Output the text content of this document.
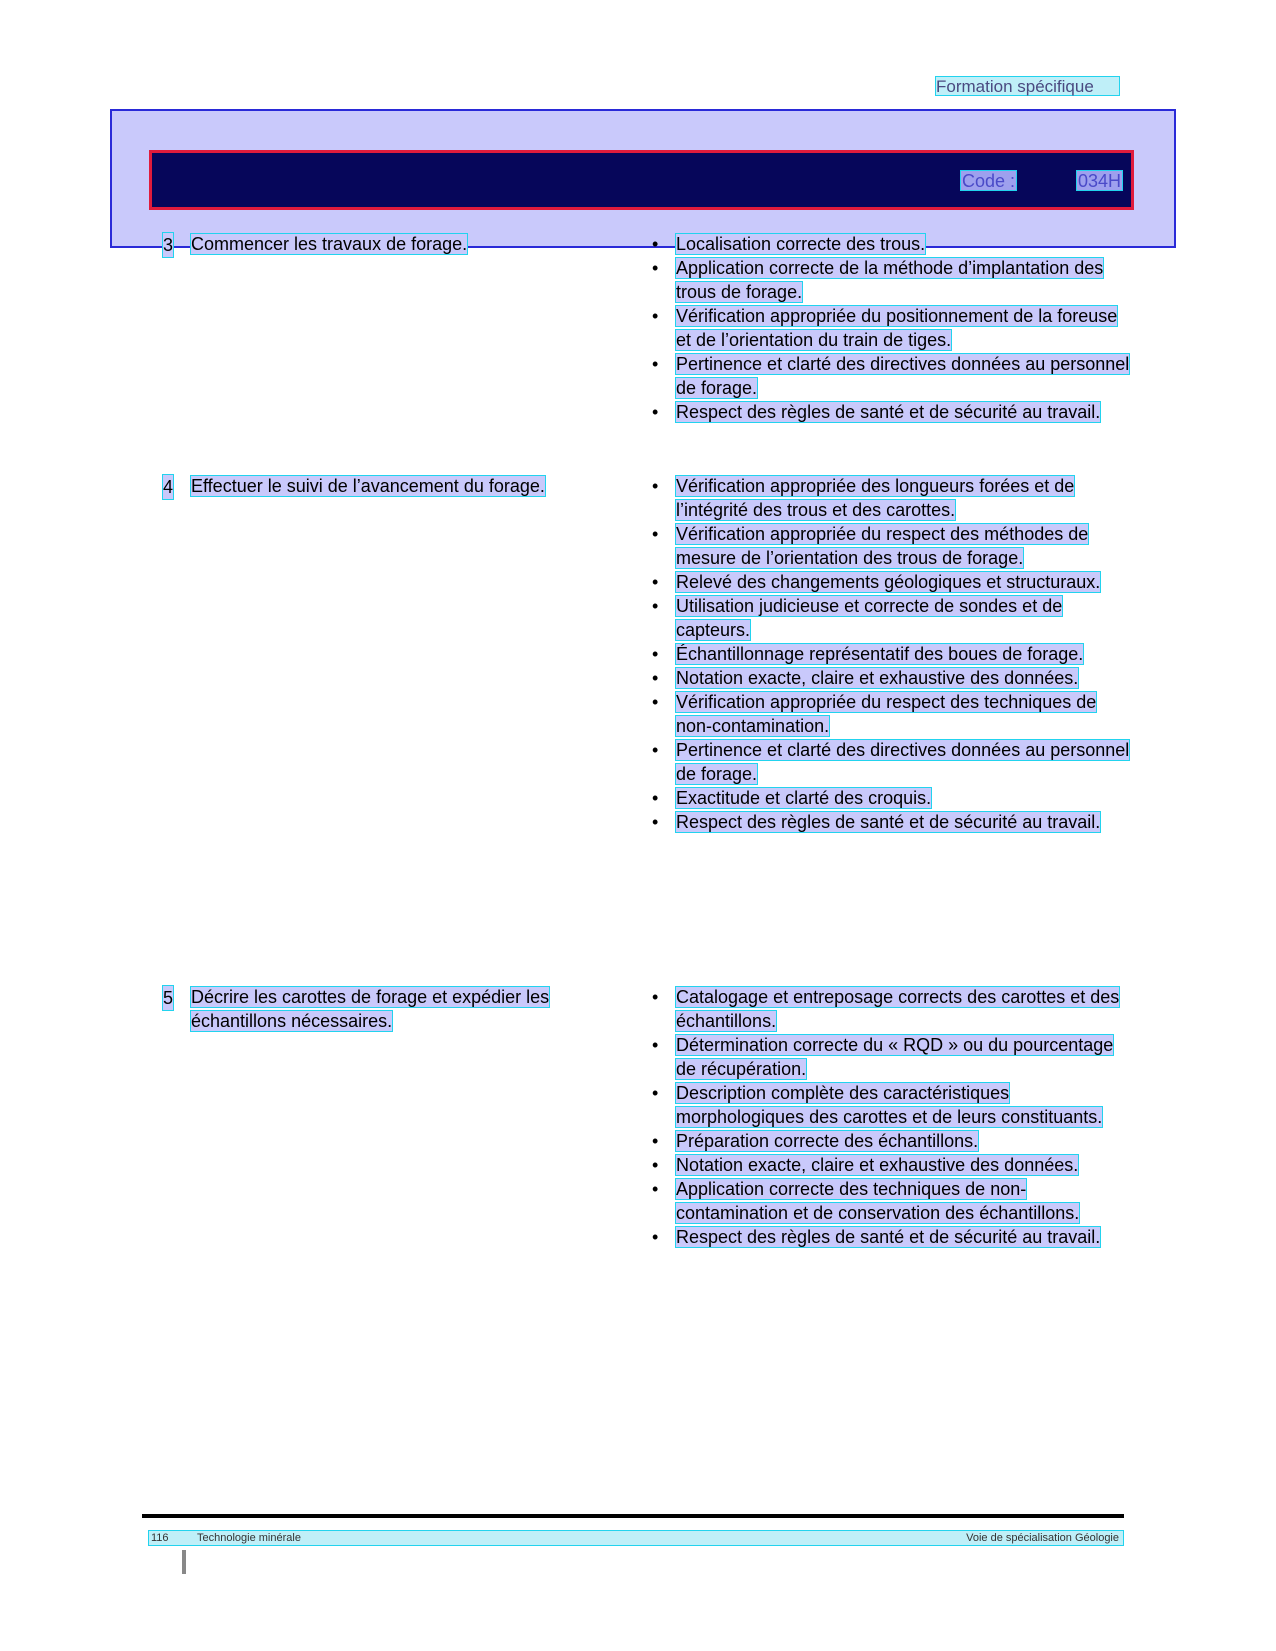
Formation spécifique
Code :	034H
3 Commencer les travaux de forage.	• Localisation correcte des trous.
• Application correcte de la méthode d’implantation des trous de forage.
• Vérification appropriée du positionnement de la foreuse et de l’orientation du train de tiges.
• Pertinence et clarté des directives données au personnel de forage.
• Respect des règles de santé et de sécurité au travail.
4 Effectuer le suivi de l’avancement du forage.	• Vérification appropriée des longueurs forées et de l’intégrité des trous et des carottes.
• Vérification appropriée du respect des méthodes de mesure de l’orientation des trous de forage.
• Relevé des changements géologiques et structuraux.
• Utilisation judicieuse et correcte de sondes et de capteurs.
• Échantillonnage représentatif des boues de forage.
• Notation exacte, claire et exhaustive des données.
• Vérification appropriée du respect des techniques de non-contamination.
• Pertinence et clarté des directives données au personnel de forage.
• Exactitude et clarté des croquis.
• Respect des règles de santé et de sécurité au travail.
5 Décrire les carottes de forage et expédier les échantillons nécessaires.
• Catalogage et entreposage corrects des carottes et des échantillons.
• Détermination correcte du « RQD » ou du pourcentage de récupération.
• Description complète des caractéristiques morphologiques des carottes et de leurs constituants.
• Préparation correcte des échantillons.
• Notation exacte, claire et exhaustive des données.
• Application correcte des techniques de non-contamination et de conservation des échantillons.
• Respect des règles de santé et de sécurité au travail.
116	Technologie minérale	Voie de spécialisation Géologie
